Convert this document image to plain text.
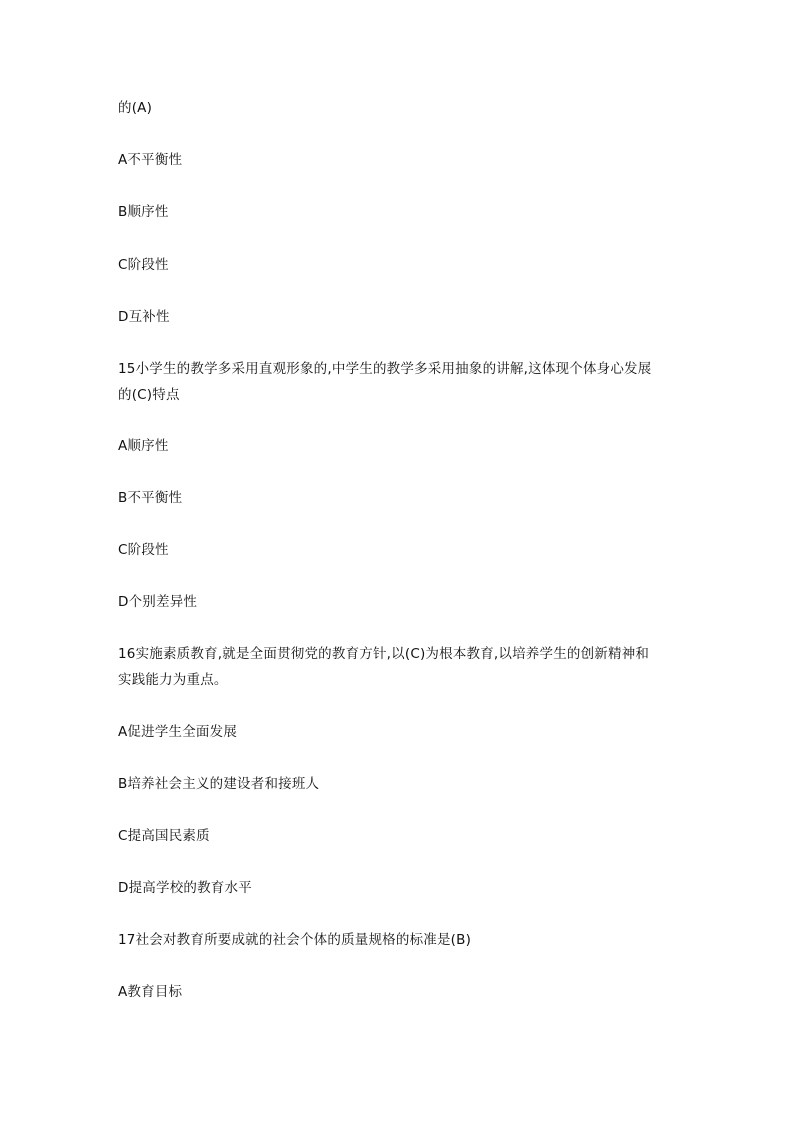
的(A)
A不平衡性
B顺序性
C阶段性
D互补性
15小学生的教学多采用直观形象的,中学生的教学多采用抽象的讲解,这体现个体身心发展
的(C)特点
A顺序性
B不平衡性
C阶段性
D个别差异性
16实施素质教育,就是全面贯彻党的教育方针,以(C)为根本教育,以培养学生的创新精神和
实践能力为重点。
A促进学生全面发展
B培养社会主义的建设者和接班人
C提高国民素质
D提高学校的教育水平
17社会对教育所要成就的社会个体的质量规格的标准是(B)
A教育目标
